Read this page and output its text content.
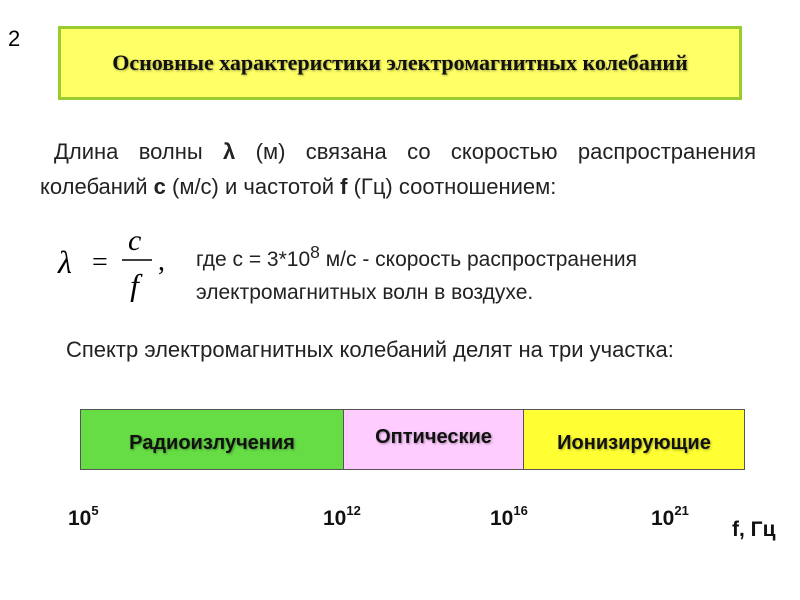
2
Основные характеристики электромагнитных колебаний
Длина волны λ (м) связана со скоростью распространения колебаний с (м/с) и частотой f (Гц) соотношением:
λ =
c
f
, где $с = 3*10^8$ м/с - скорость распространения электромагнитных волн в воздухе.
Спектр электромагнитных колебаний делят на три участка:
Радиоизлучения	Оптические	Ионизирующие
$10^5$	$10^{12}$	$10^{16}$	$10^{21}$
f, Гц
